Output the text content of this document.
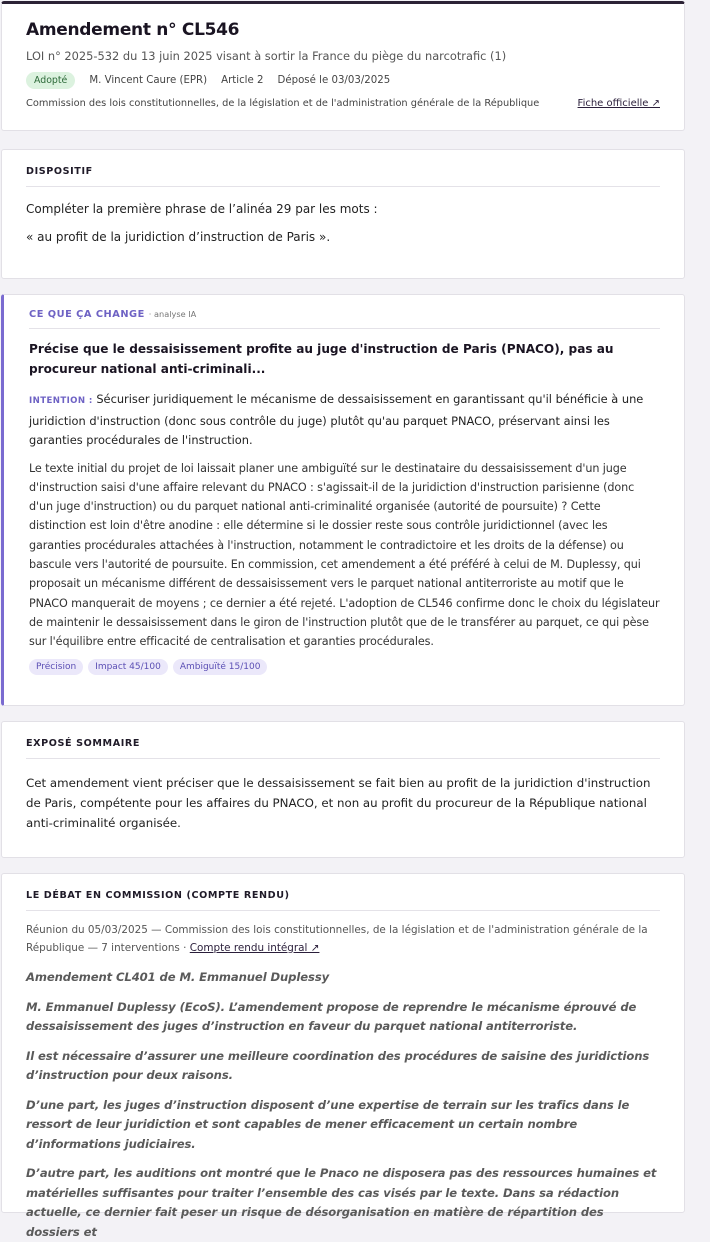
Amendement n° CL546
LOI n° 2025-532 du 13 juin 2025 visant à sortir la France du piège du narcotrafic (1)
Adopté	M. Vincent Caure (EPR) Article 2 Déposé le 03/03/2025
Commission des lois constitutionnelles, de la législation et de l'administration générale de la République	Fiche officielle ↗
DISPOSITIF
Compléter la première phrase de l’alinéa 29 par les mots :
« au profit de la juridiction d’instruction de Paris ».
CE QUE ÇA CHANGE · analyse IA
Précise que le dessaisissement profite au juge d'instruction de Paris (PNACO), pas au procureur national anti-criminali...
INTENTION : Sécuriser juridiquement le mécanisme de dessaisissement en garantissant qu'il bénéficie à une juridiction d'instruction (donc sous contrôle du juge) plutôt qu'au parquet PNACO, préservant ainsi les garanties procédurales de l'instruction.
Le texte initial du projet de loi laissait planer une ambiguïté sur le destinataire du dessaisissement d'un juge d'instruction saisi d'une affaire relevant du PNACO : s'agissait-il de la juridiction d'instruction parisienne (donc d'un juge d'instruction) ou du parquet national anti-criminalité organisée (autorité de poursuite) ? Cette distinction est loin d'être anodine : elle détermine si le dossier reste sous contrôle juridictionnel (avec les garanties procédurales attachées à l'instruction, notamment le contradictoire et les droits de la défense) ou bascule vers l'autorité de poursuite. En commission, cet amendement a été préféré à celui de M. Duplessy, qui proposait un mécanisme différent de dessaisissement vers le parquet national antiterroriste au motif que le PNACO manquerait de moyens ; ce dernier a été rejeté. L'adoption de CL546 confirme donc le choix du législateur de maintenir le dessaisissement dans le giron de l'instruction plutôt que de le transférer au parquet, ce qui pèse sur l'équilibre entre efficacité de centralisation et garanties procédurales.
Précision	Impact 45/100	Ambiguïté 15/100
EXPOSÉ SOMMAIRE
Cet amendement vient préciser que le dessaisissement se fait bien au profit de la juridiction d'instruction de Paris, compétente pour les affaires du PNACO, et non au profit du procureur de la République national anti-criminalité organisée.
LE DÉBAT EN COMMISSION (COMPTE RENDU)
Réunion du 05/03/2025 — Commission des lois constitutionnelles, de la législation et de l'administration générale de la République — 7 interventions · Compte rendu intégral ↗
Amendement CL401 de M. Emmanuel Duplessy
M. Emmanuel Duplessy (EcoS). L’amendement propose de reprendre le mécanisme éprouvé de dessaisissement des juges d’instruction en faveur du parquet national antiterroriste.
Il est nécessaire d’assurer une meilleure coordination des procédures de saisine des juridictions d’instruction pour deux raisons.
D’une part, les juges d’instruction disposent d’une expertise de terrain sur les trafics dans le ressort de leur juridiction et sont capables de mener efficacement un certain nombre d’informations judiciaires.
D’autre part, les auditions ont montré que le Pnaco ne disposera pas des ressources humaines et matérielles suffisantes pour traiter l’ensemble des cas visés par le texte. Dans sa rédaction actuelle, ce dernier fait peser un risque de désorganisation en matière de répartition des dossiers et
